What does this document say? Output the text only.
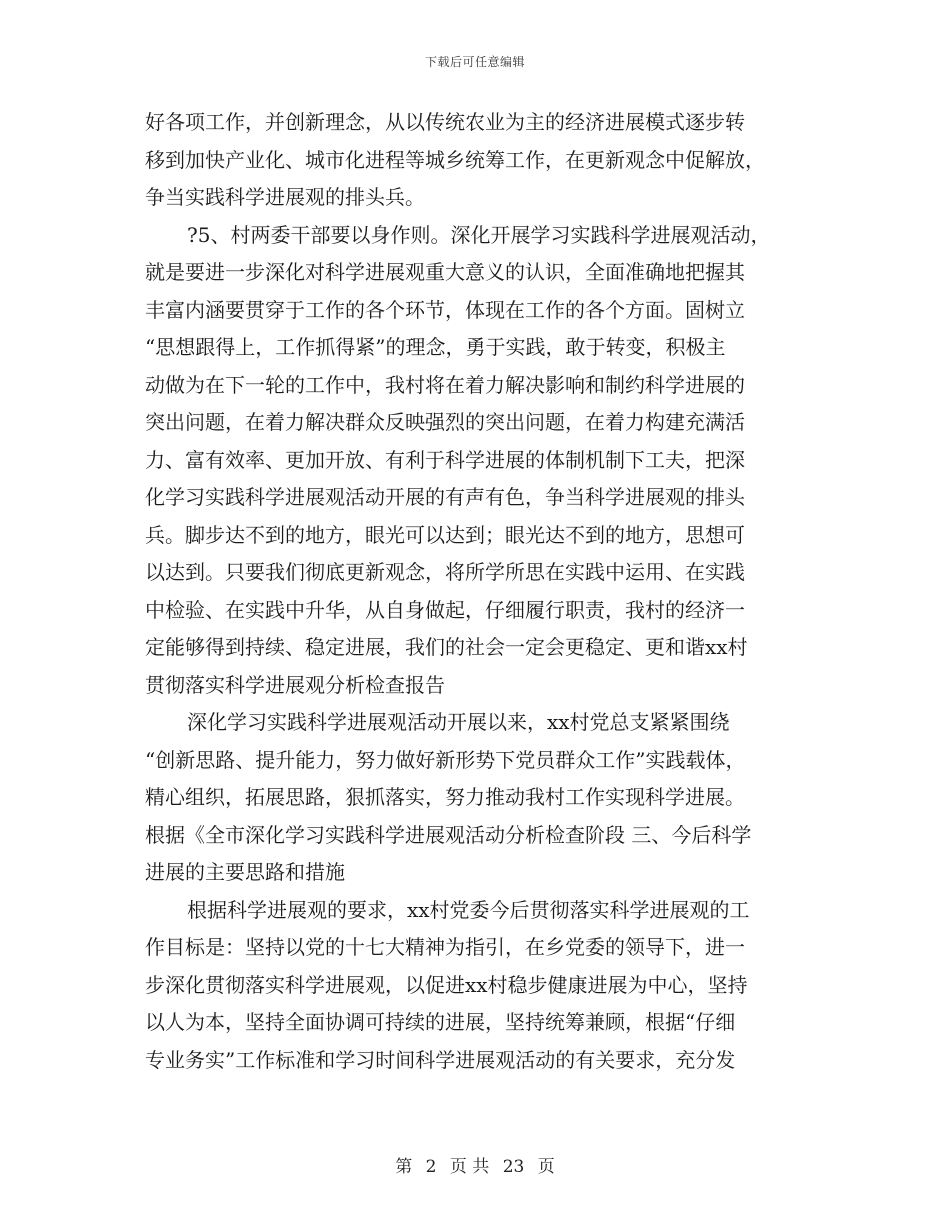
下载后可任意编辑
好各项工作，并创新理念，从以传统农业为主的经济进展模式逐步转
移到加快产业化、城市化进程等城乡统筹工作，在更新观念中促解放，
争当实践科学进展观的排头兵。
?5、村两委干部要以身作则。深化开展学习实践科学进展观活动，
就是要进一步深化对科学进展观重大意义的认识，全面准确地把握其
丰富内涵要贯穿于工作的各个环节，体现在工作的各个方面。固树立
“思想跟得上，工作抓得紧”的理念，勇于实践，敢于转变，积极主
动做为在下一轮的工作中，我村将在着力解决影响和制约科学进展的
突出问题，在着力解决群众反映强烈的突出问题，在着力构建充满活
力、富有效率、更加开放、有利于科学进展的体制机制下工夫，把深
化学习实践科学进展观活动开展的有声有色，争当科学进展观的排头
兵。脚步达不到的地方，眼光可以达到；眼光达不到的地方，思想可
以达到。只要我们彻底更新观念，将所学所思在实践中运用、在实践
中检验、在实践中升华，从自身做起，仔细履行职责，我村的经济一
定能够得到持续、稳定进展，我们的社会一定会更稳定、更和谐xx村
贯彻落实科学进展观分析检查报告
深化学习实践科学进展观活动开展以来，xx村党总支紧紧围绕
“创新思路、提升能力，努力做好新形势下党员群众工作”实践载体，
精心组织，拓展思路，狠抓落实，努力推动我村工作实现科学进展。
根据《全市深化学习实践科学进展观活动分析检查阶段 三、今后科学
进展的主要思路和措施
根据科学进展观的要求，xx村党委今后贯彻落实科学进展观的工
作目标是：坚持以党的十七大精神为指引，在乡党委的领导下，进一
步深化贯彻落实科学进展观，以促进xx村稳步健康进展为中心，坚持
以人为本，坚持全面协调可持续的进展，坚持统筹兼顾，根据“仔细
专业务实”工作标准和学习时间科学进展观活动的有关要求，充分发
第 2 页 共 23 页
